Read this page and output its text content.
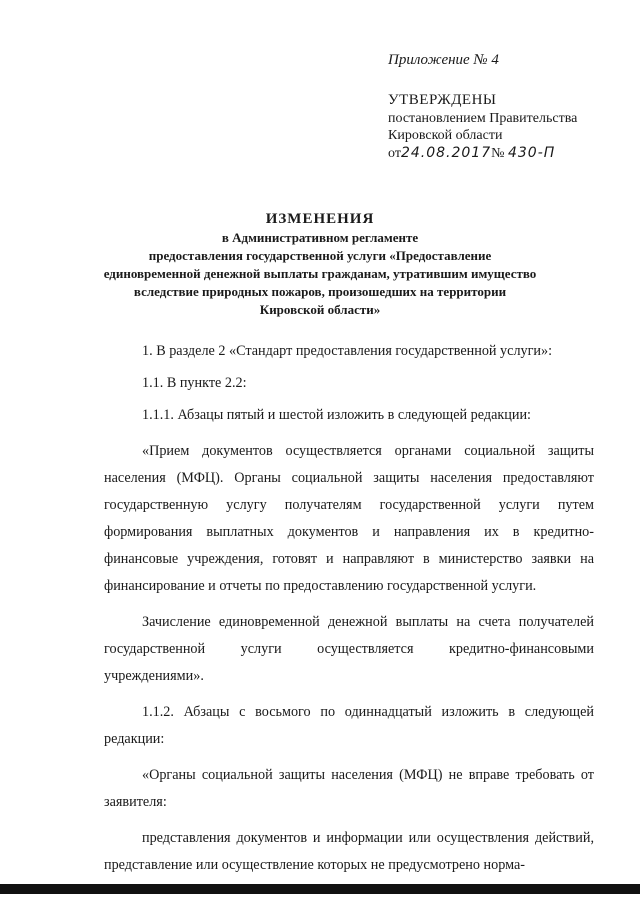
Приложение № 4
УТВЕРЖДЕНЫ
постановлением Правительства
Кировской области
от24.08.2017№ 430-П
ИЗМЕНЕНИЯ
в Административном регламенте
предоставления государственной услуги «Предоставление
единовременной денежной выплаты гражданам, утратившим имущество
вследствие природных пожаров, произошедших на территории
Кировской области»

1. В разделе 2 «Стандарт предоставления государственной услуги»:

1.1. В пункте 2.2:

1.1.1. Абзацы пятый и шестой изложить в следующей редакции:

«Прием документов осуществляется органами социальной защиты населения (МФЦ). Органы социальной защиты населения предоставляют государственную услугу получателям государственной услуги путем формирования выплатных документов и направления их в кредитно-финансовые учреждения, готовят и направляют в министерство заявки на финансирование и отчеты по предоставлению государственной услуги.

Зачисление единовременной денежной выплаты на счета получателей государственной услуги осуществляется кредитно-финансовыми учреждениями».

1.1.2. Абзацы с восьмого по одиннадцатый изложить в следующей редакции:

«Органы социальной защиты населения (МФЦ) не вправе требовать от заявителя:

представления документов и информации или осуществления действий, представление или осуществление которых не предусмотрено норма-
